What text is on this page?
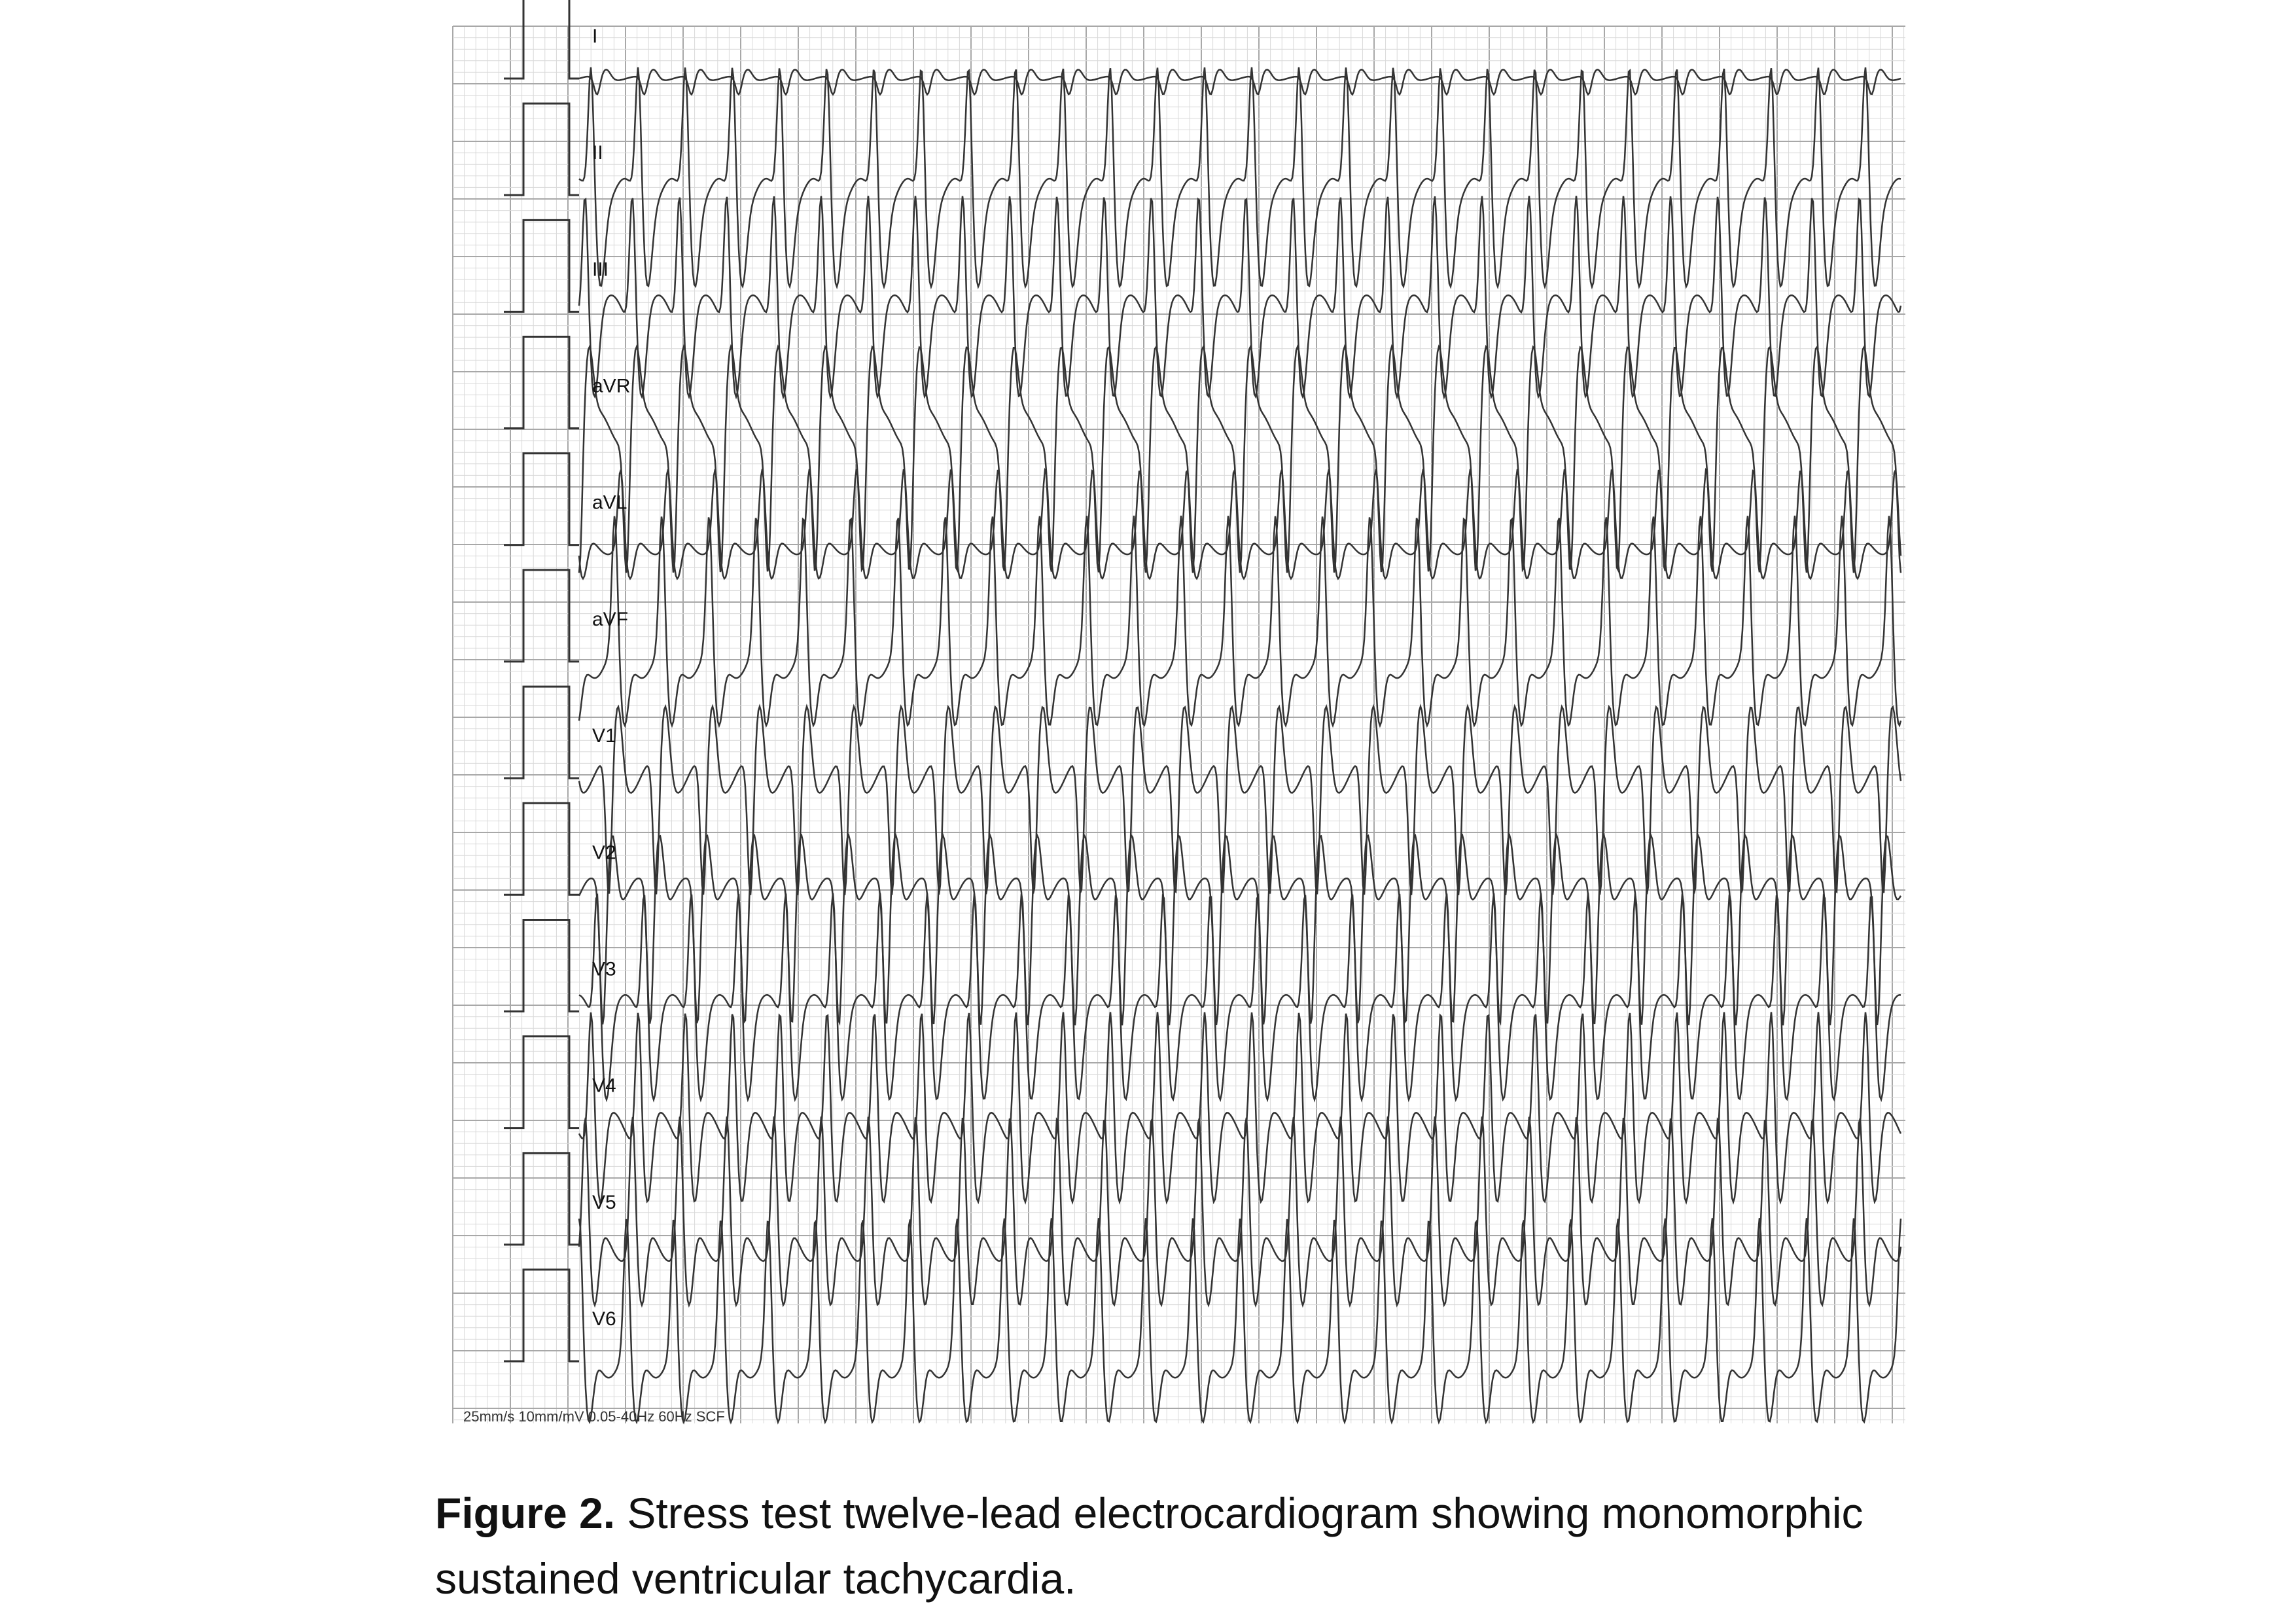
I
II
III
aVR
aVL
aVF
V1
V2
V3
V4
V5
V6
25mm/s 10mm/mV 0.05-40Hz 60Hz SCF
Figure 2. Stress test twelve-lead electrocardiogram showing monomorphic sustained ventricular tachycardia.
